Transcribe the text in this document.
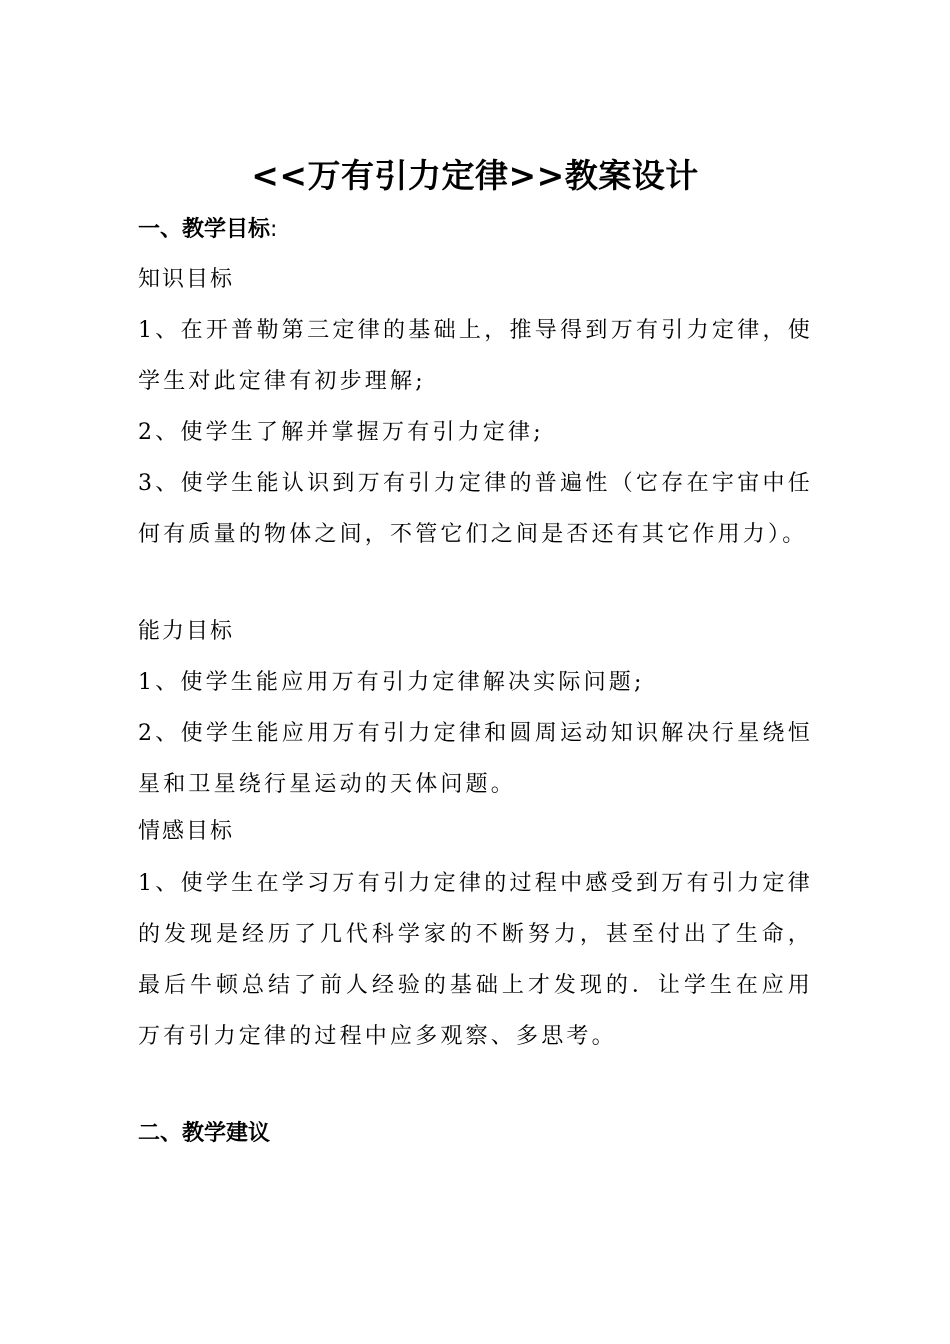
<<万有引力定律>>教案设计
一、教学目标:
知识目标
1、在开普勒第三定律的基础上，推导得到万有引力定律，使学生对此定律有初步理解;
2、使学生了解并掌握万有引力定律;
3、使学生能认识到万有引力定律的普遍性（它存在宇宙中任何有质量的物体之间，不管它们之间是否还有其它作用力）。
能力目标
1、使学生能应用万有引力定律解决实际问题;
2、使学生能应用万有引力定律和圆周运动知识解决行星绕恒星和卫星绕行星运动的天体问题。
情感目标
1、使学生在学习万有引力定律的过程中感受到万有引力定律的发现是经历了几代科学家的不断努力，甚至付出了生命，最后牛顿总结了前人经验的基础上才发现的．让学生在应用万有引力定律的过程中应多观察、多思考。
二、教学建议
